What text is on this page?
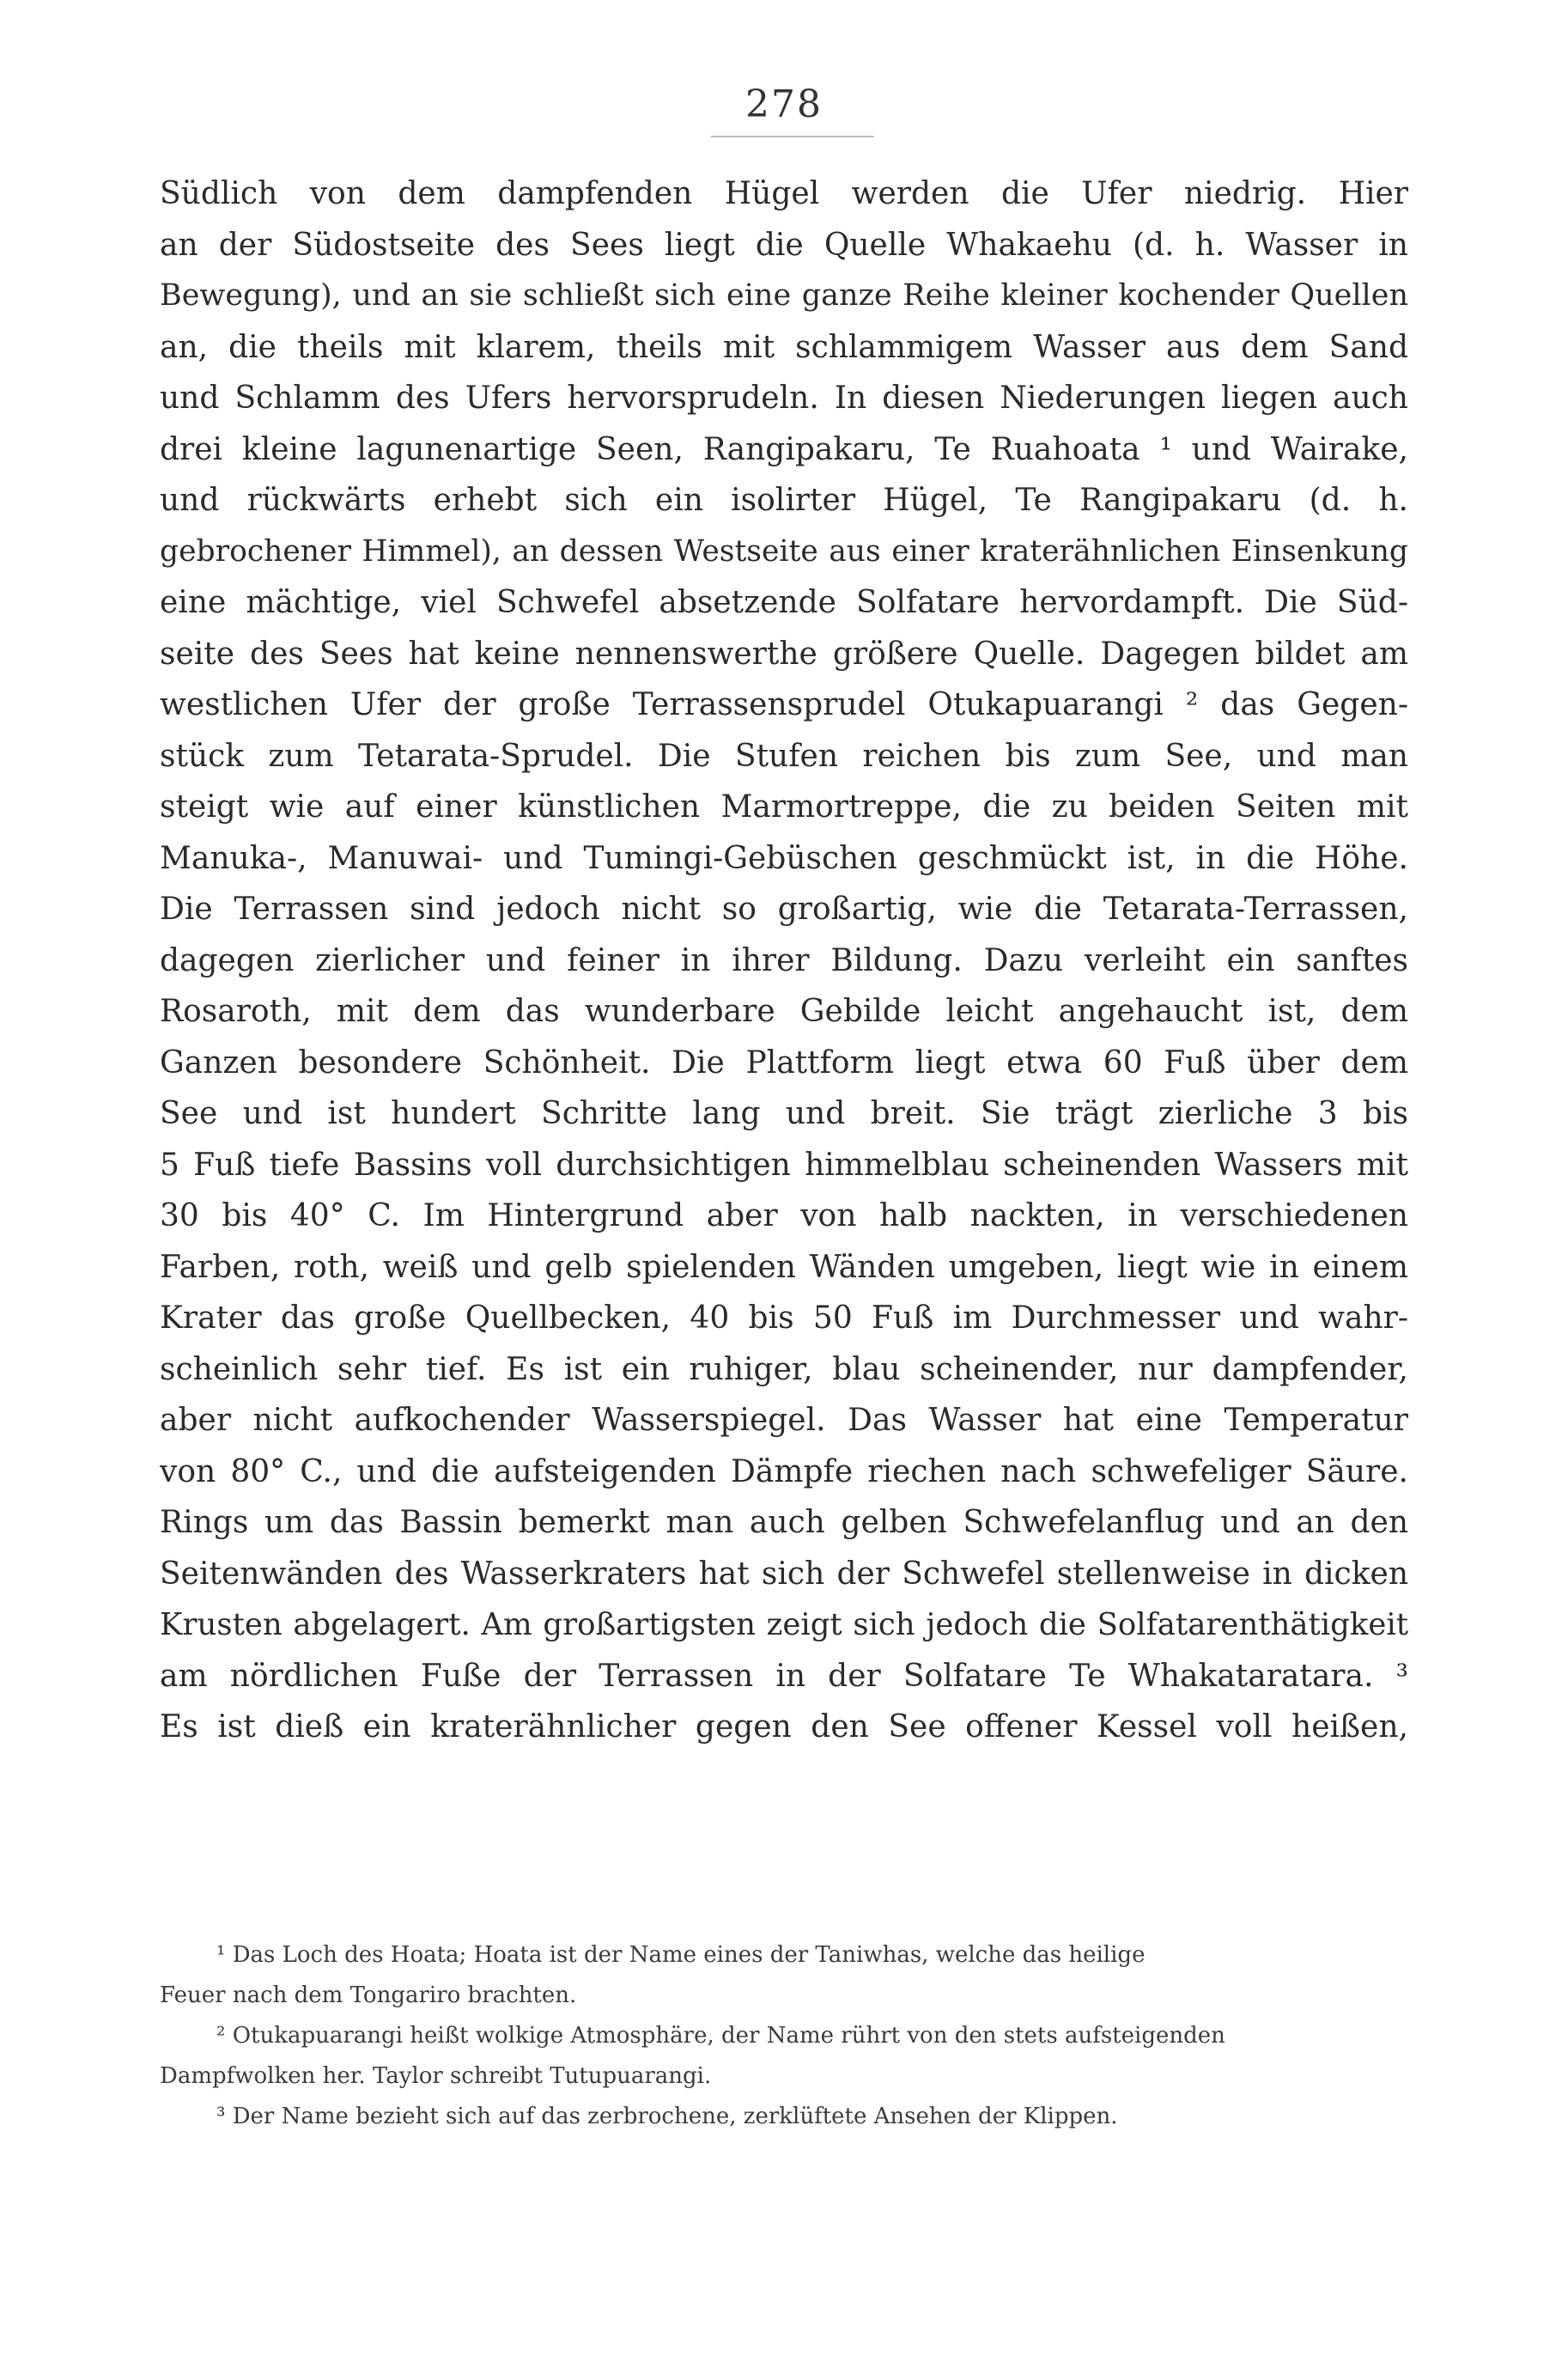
278
Südlich von dem dampfenden Hügel werden die Ufer niedrig. Hier
an der Südostseite des Sees liegt die Quelle Whakaehu (d. h. Wasser in
Bewegung), und an sie schließt sich eine ganze Reihe kleiner kochender Quellen
an, die theils mit klarem, theils mit schlammigem Wasser aus dem Sand
und Schlamm des Ufers hervorsprudeln. In diesen Niederungen liegen auch
drei kleine lagunenartige Seen, Rangipakaru, Te Ruahoata ¹ und Wairake,
und rückwärts erhebt sich ein isolirter Hügel, Te Rangipakaru (d. h.
gebrochener Himmel), an dessen Westseite aus einer kraterähnlichen Einsenkung
eine mächtige, viel Schwefel absetzende Solfatare hervordampft. Die Süd-
seite des Sees hat keine nennenswerthe größere Quelle. Dagegen bildet am
westlichen Ufer der große Terrassensprudel Otukapuarangi ² das Gegen-
stück zum Tetarata-Sprudel. Die Stufen reichen bis zum See, und man
steigt wie auf einer künstlichen Marmortreppe, die zu beiden Seiten mit
Manuka-, Manuwai- und Tumingi-Gebüschen geschmückt ist, in die Höhe.
Die Terrassen sind jedoch nicht so großartig, wie die Tetarata-Terrassen,
dagegen zierlicher und feiner in ihrer Bildung. Dazu verleiht ein sanftes
Rosaroth, mit dem das wunderbare Gebilde leicht angehaucht ist, dem
Ganzen besondere Schönheit. Die Plattform liegt etwa 60 Fuß über dem
See und ist hundert Schritte lang und breit. Sie trägt zierliche 3 bis
5 Fuß tiefe Bassins voll durchsichtigen himmelblau scheinenden Wassers mit
30 bis 40° C. Im Hintergrund aber von halb nackten, in verschiedenen
Farben, roth, weiß und gelb spielenden Wänden umgeben, liegt wie in einem
Krater das große Quellbecken, 40 bis 50 Fuß im Durchmesser und wahr-
scheinlich sehr tief. Es ist ein ruhiger, blau scheinender, nur dampfender,
aber nicht aufkochender Wasserspiegel. Das Wasser hat eine Temperatur
von 80° C., und die aufsteigenden Dämpfe riechen nach schwefeliger Säure.
Rings um das Bassin bemerkt man auch gelben Schwefelanflug und an den
Seitenwänden des Wasserkraters hat sich der Schwefel stellenweise in dicken
Krusten abgelagert. Am großartigsten zeigt sich jedoch die Solfatarenthätigkeit
am nördlichen Fuße der Terrassen in der Solfatare Te Whakataratara. ³
Es ist dieß ein kraterähnlicher gegen den See offener Kessel voll heißen,
¹ Das Loch des Hoata; Hoata ist der Name eines der Taniwhas, welche das heilige
Feuer nach dem Tongariro brachten.
² Otukapuarangi heißt wolkige Atmosphäre, der Name rührt von den stets aufsteigenden
Dampfwolken her. Taylor schreibt Tutupuarangi.
³ Der Name bezieht sich auf das zerbrochene, zerklüftete Ansehen der Klippen.
